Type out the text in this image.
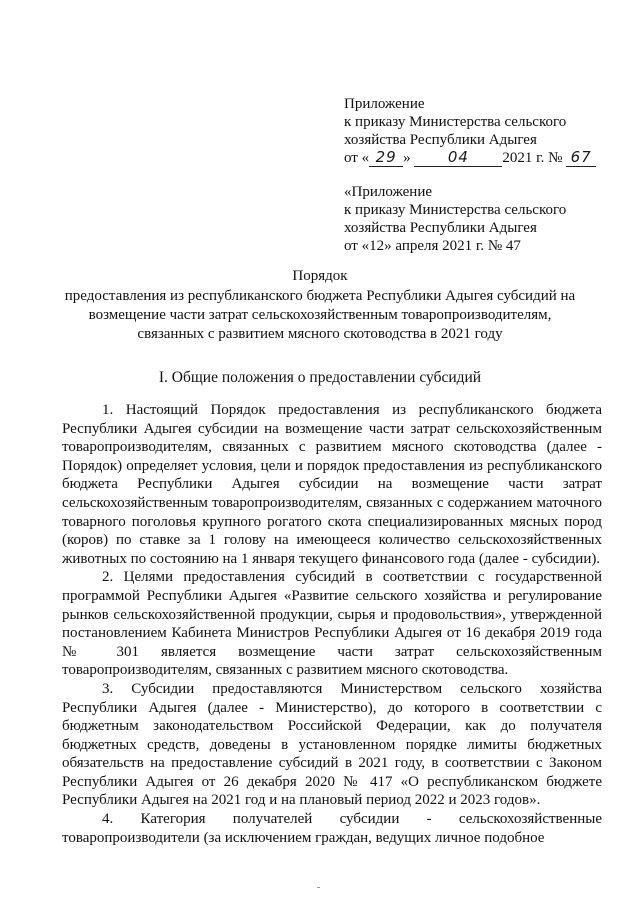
Приложение
к приказу Министерства сельского
хозяйства Республики Адыгея
от « 29 » 04 2021 г. № 67
«Приложение
к приказу Министерства сельского
хозяйства Республики Адыгея
от «12» апреля 2021 г. № 47
Порядок
предоставления из республиканского бюджета Республики Адыгея субсидий на
возмещение части затрат сельскохозяйственным товаропроизводителям,
связанных с развитием мясного скотоводства в 2021 году
I. Общие положения о предоставлении субсидий

1. Настоящий Порядок предоставления из республиканского бюджета Республики Адыгея субсидии на возмещение части затрат сельскохозяйственным товаропроизводителям, связанных с развитием мясного скотоводства (далее - Порядок) определяет условия, цели и порядок предоставления из республиканского бюджета Республики Адыгея субсидии на возмещение части затрат сельскохозяйственным товаропроизводителям, связанных с содержанием маточного товарного поголовья крупного рогатого скота специализированных мясных пород (коров) по ставке за 1 голову на имеющееся количество сельскохозяйственных животных по состоянию на 1 января текущего финансового года (далее - субсидии).

2. Целями предоставления субсидий в соответствии с государственной программой Республики Адыгея «Развитие сельского хозяйства и регулирование рынков сельскохозяйственной продукции, сырья и продовольствия», утвержденной постановлением Кабинета Министров Республики Адыгея от 16 декабря 2019 года № 301 является возмещение части затрат сельскохозяйственным товаропроизводителям, связанных с развитием мясного скотоводства.

3. Субсидии предоставляются Министерством сельского хозяйства Республики Адыгея (далее - Министерство), до которого в соответствии с бюджетным законодательством Российской Федерации, как до получателя бюджетных средств, доведены в установленном порядке лимиты бюджетных обязательств на предоставление субсидий в 2021 году, в соответствии с Законом Республики Адыгея от 26 декабря 2020 № 417 «О республиканском бюджете Республики Адыгея на 2021 год и на плановый период 2022 и 2023 годов».

4. Категория получателей субсидии - сельскохозяйственные товаропроизводители (за исключением граждан, ведущих личное подобное
